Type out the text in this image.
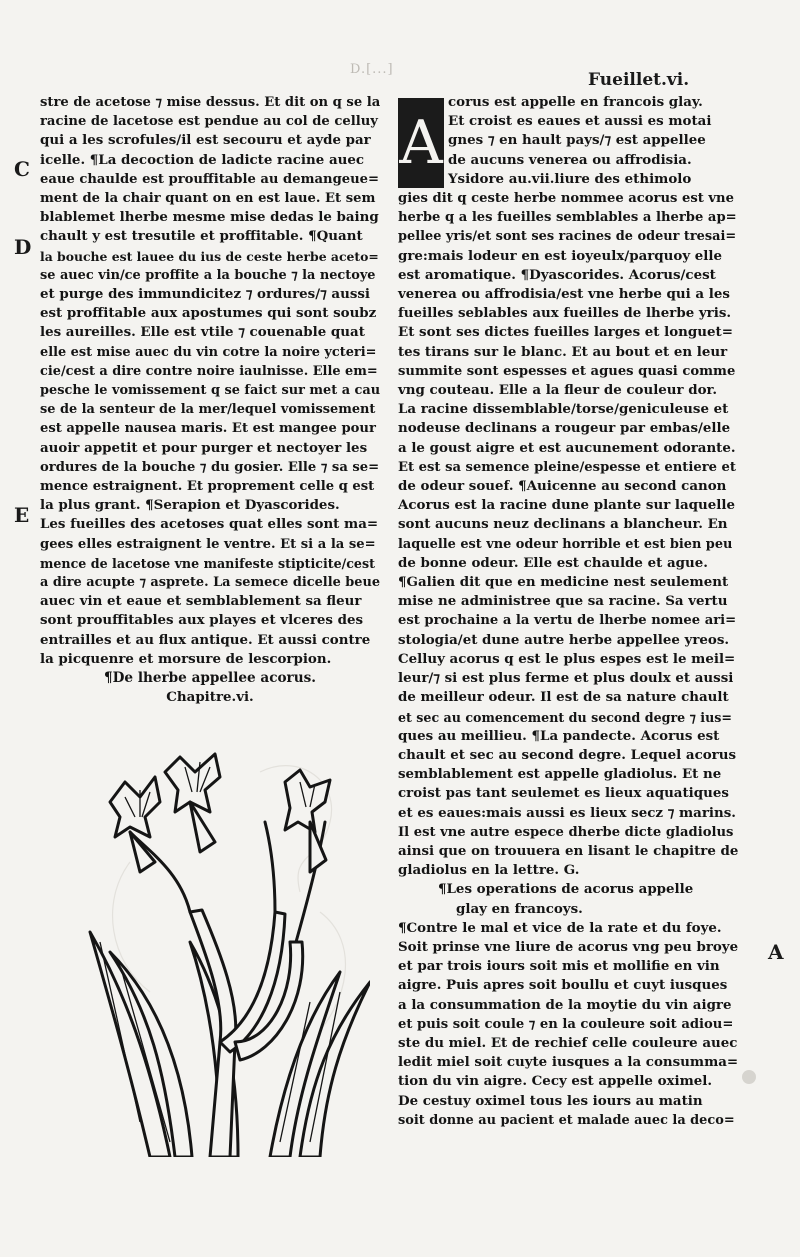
D.[...]
Fueillet.vi.
C
D
E
A
stre de acetose ⁊ mise dessus. Et dit on q se la
racine de lacetose est pendue au col de celluy
qui a les scrofules/il est secouru et ayde par
icelle. ¶La decoction de ladicte racine auec
eaue chaulde est prouffitable au demangeue=
ment de la chair quant on en est laue. Et sem
blablemet lherbe mesme mise dedas le baing
chault y est tresutile et proffitable. ¶Quant
la bouche est lauee du ius de ceste herbe aceto=
se auec vin/ce proffite a la bouche ⁊ la nectoye
et purge des immundicitez ⁊ ordures/⁊ aussi
est proffitable aux apostumes qui sont soubz
les aureilles. Elle est vtile ⁊ couenable quat
elle est mise auec du vin cotre la noire ycteri=
cie/cest a dire contre noire iaulnisse. Elle em=
pesche le vomissement q se faict sur met a cau
se de la senteur de la mer/lequel vomissement
est appelle nausea maris. Et est mangee pour
auoir appetit et pour purger et nectoyer les
ordures de la bouche ⁊ du gosier. Elle ⁊ sa se=
mence estraignent. Et proprement celle q est
la plus grant. ¶Serapion et Dyascorides.
Les fueilles des acetoses quat elles sont ma=
gees elles estraignent le ventre. Et si a la se=
mence de lacetose vne manifeste stipticite/cest
a dire acupte ⁊ asprete. La semece dicelle beue
auec vin et eaue et semblablement sa fleur
sont prouffitables aux playes et vlceres des
entrailles et au flux antique. Et aussi contre
la picquenre et morsure de lescorpion.
¶De lherbe appellee acorus.
Chapitre.vi.
A
corus est appelle en francois glay.
Et croist es eaues et aussi es motai
gnes ⁊ en hault pays/⁊ est appellee
de aucuns venerea ou affrodisia.
Ysidore au.vii.liure des ethimolo
gies dit q ceste herbe nommee acorus est vne
herbe q a les fueilles semblables a lherbe ap=
pellee yris/et sont ses racines de odeur tresai=
gre:mais lodeur en est ioyeulx/parquoy elle
est aromatique. ¶Dyascorides. Acorus/cest
venerea ou affrodisia/est vne herbe qui a les
fueilles seblables aux fueilles de lherbe yris.
Et sont ses dictes fueilles larges et longuet=
tes tirans sur le blanc. Et au bout et en leur
summite sont espesses et agues quasi comme
vng couteau. Elle a la fleur de couleur dor.
La racine dissemblable/torse/geniculeuse et
nodeuse declinans a rougeur par embas/elle
a le goust aigre et est aucunement odorante.
Et est sa semence pleine/espesse et entiere et
de odeur souef. ¶Auicenne au second canon
Acorus est la racine dune plante sur laquelle
sont aucuns neuz declinans a blancheur. En
laquelle est vne odeur horrible et est bien peu
de bonne odeur. Elle est chaulde et ague.
¶Galien dit que en medicine nest seulement
mise ne administree que sa racine. Sa vertu
est prochaine a la vertu de lherbe nomee ari=
stologia/et dune autre herbe appellee yreos.
Celluy acorus q est le plus espes est le meil=
leur/⁊ si est plus ferme et plus doulx et aussi
de meilleur odeur. Il est de sa nature chault
et sec au comencement du second degre ⁊ ius=
ques au meillieu. ¶La pandecte. Acorus est
chault et sec au second degre. Lequel acorus
semblablement est appelle gladiolus. Et ne
croist pas tant seulemet es lieux aquatiques
et es eaues:mais aussi es lieux secz ⁊ marins.
Il est vne autre espece dherbe dicte gladiolus
ainsi que on trouuera en lisant le chapitre de
gladiolus en la lettre. G.
¶Les operations de acorus appelle
glay en francoys.
¶Contre le mal et vice de la rate et du foye.
Soit prinse vne liure de acorus vng peu broye
et par trois iours soit mis et mollifie en vin
aigre. Puis apres soit boullu et cuyt iusques
a la consummation de la moytie du vin aigre
et puis soit coule ⁊ en la couleure soit adiou=
ste du miel. Et de rechief celle couleure auec
ledit miel soit cuyte iusques a la consumma=
tion du vin aigre. Cecy est appelle oximel.
De cestuy oximel tous les iours au matin
soit donne au pacient et malade auec la deco=
